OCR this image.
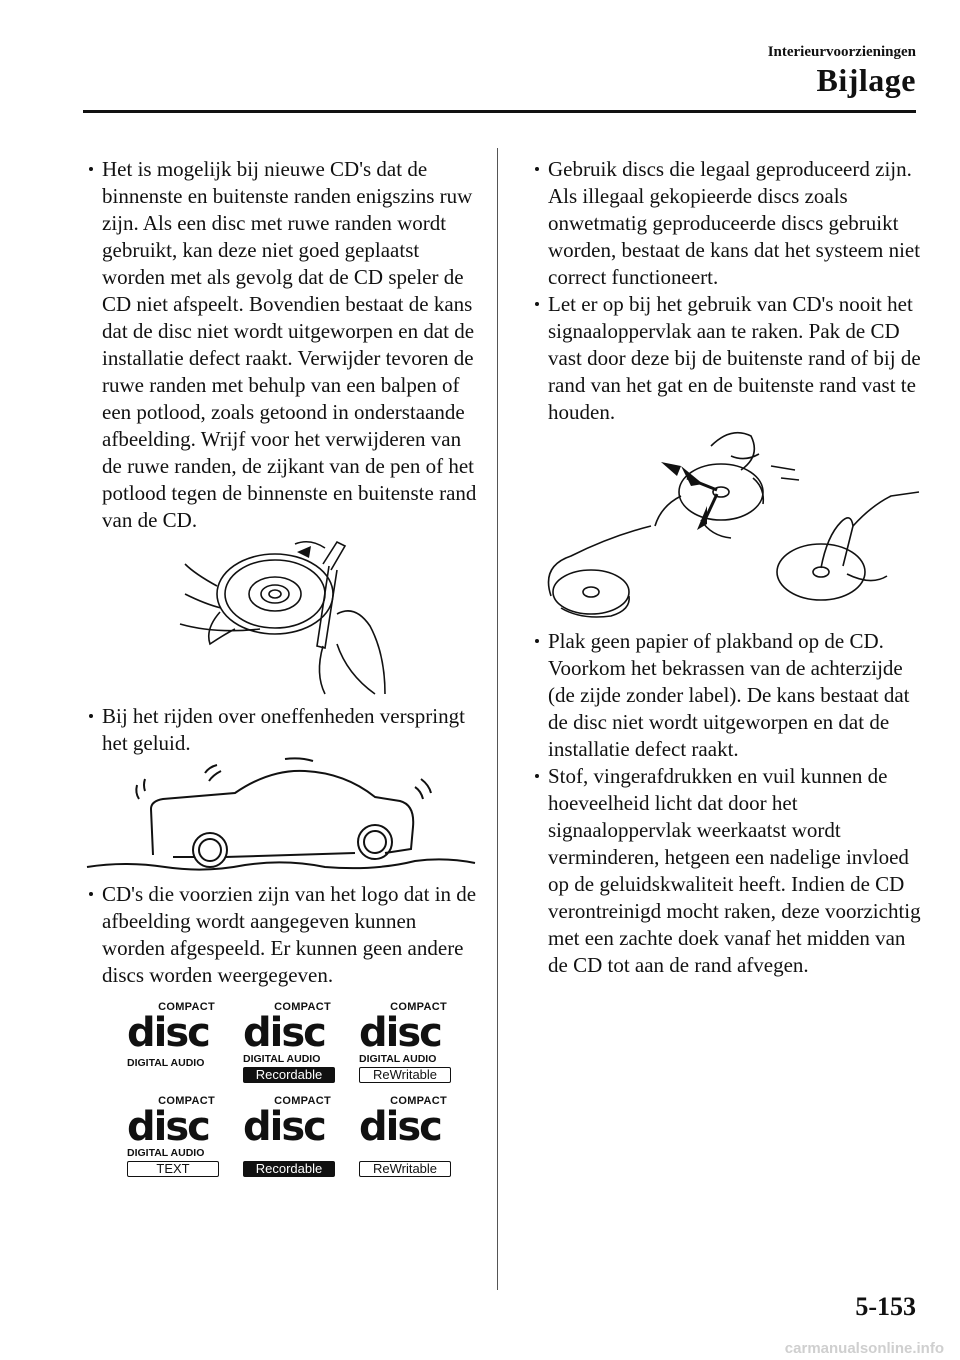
Interieurvoorzieningen
Bijlage

Het is mogelijk bij nieuwe CD's dat de binnenste en buitenste randen enigszins ruw zijn. Als een disc met ruwe randen wordt gebruikt, kan deze niet goed geplaatst worden met als gevolg dat de CD speler de CD niet afspeelt. Bovendien bestaat de kans dat de disc niet wordt uitgeworpen en dat de installatie defect raakt. Verwijder tevoren de ruwe randen met behulp van een balpen of een potlood, zoals getoond in onderstaande afbeelding. Wrijf voor het verwijderen van de ruwe randen, de zijkant van de pen of het potlood tegen de binnenste en buitenste rand van de CD.

Bij het rijden over oneffenheden verspringt het geluid.

CD's die voorzien zijn van het logo dat in de afbeelding wordt aangegeven kunnen worden afgespeeld. Er kunnen geen andere discs worden weergegeven.

COMPACT
disc
DIGITAL AUDIO
COMPACT
disc
DIGITAL AUDIO
Recordable
COMPACT
disc
DIGITAL AUDIO
ReWritable
COMPACT
disc
DIGITAL AUDIO
TEXT
COMPACT
disc
Recordable
COMPACT
disc
ReWritable

Gebruik discs die legaal geproduceerd zijn. Als illegaal gekopieerde discs zoals onwetmatig geproduceerde discs gebruikt worden, bestaat de kans dat het systeem niet correct functioneert.

Let er op bij het gebruik van CD's nooit het signaaloppervlak aan te raken. Pak de CD vast door deze bij de buitenste rand of bij de rand van het gat en de buitenste rand vast te houden.

Plak geen papier of plakband op de CD. Voorkom het bekrassen van de achterzijde (de zijde zonder label). De kans bestaat dat de disc niet wordt uitgeworpen en dat de installatie defect raakt.

Stof, vingerafdrukken en vuil kunnen de hoeveelheid licht dat door het signaaloppervlak weerkaatst wordt verminderen, hetgeen een nadelige invloed op de geluidskwaliteit heeft. Indien de CD verontreinigd mocht raken, deze voorzichtig met een zachte doek vanaf het midden van de CD tot aan de rand afvegen.

5-153
carmanualsonline.info
